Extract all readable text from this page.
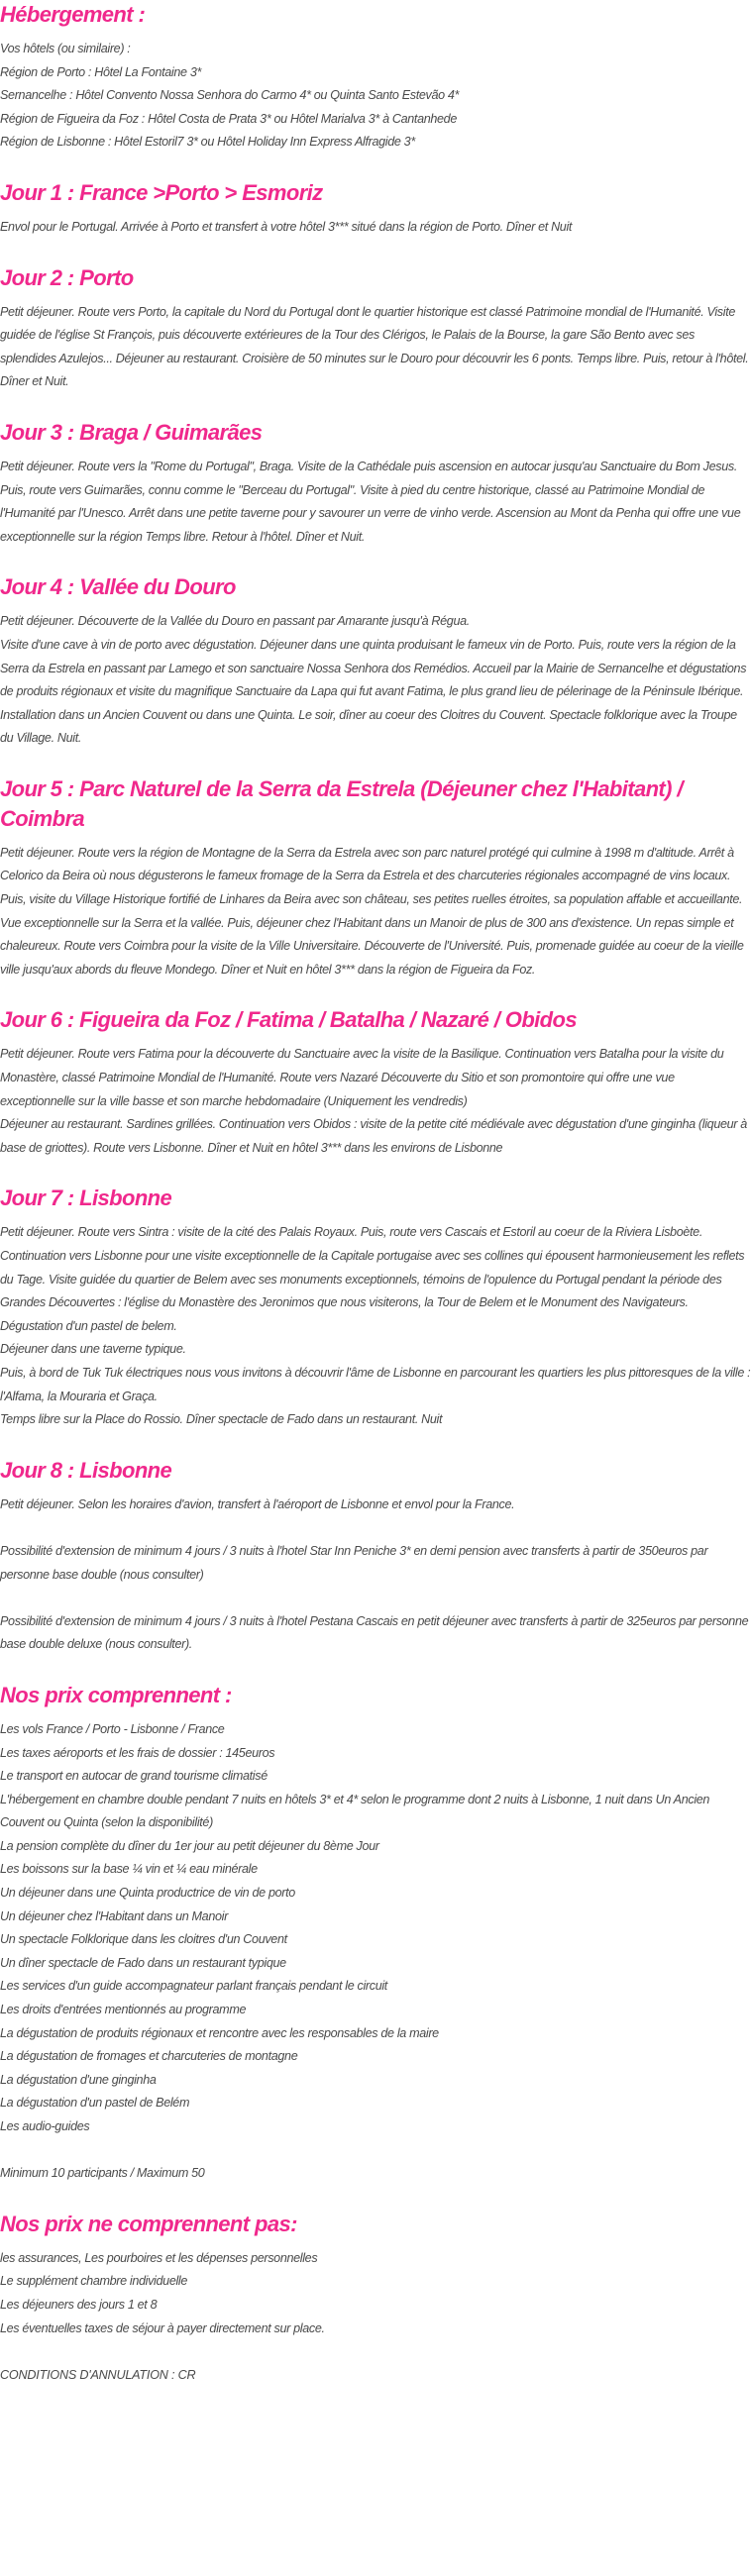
Hébergement :
Vos hôtels (ou similaire) :
Région de Porto : Hôtel La Fontaine 3*
Sernancelhe : Hôtel Convento Nossa Senhora do Carmo 4* ou Quinta Santo Estevão 4*
Région de Figueira da Foz : Hôtel Costa de Prata 3* ou Hôtel Marialva 3* à Cantanhede
Région de Lisbonne : Hôtel Estoril7 3* ou Hôtel Holiday Inn Express Alfragide 3*
Jour 1 : France >Porto > Esmoriz

Envol pour le Portugal. Arrivée à Porto et transfert à votre hôtel 3*** situé dans la région de Porto. Dîner et Nuit

Jour 2 : Porto

Petit déjeuner. Route vers Porto, la capitale du Nord du Portugal dont le quartier historique est classé Patrimoine mondial de l'Humanité. Visite guidée de l'église St François, puis découverte extérieures de la Tour des Clérigos, le Palais de la Bourse, la gare São Bento avec ses splendides Azulejos... Déjeuner au restaurant. Croisière de 50 minutes sur le Douro pour découvrir les 6 ponts. Temps libre. Puis, retour à l'hôtel. Dîner et Nuit.

Jour 3 : Braga / Guimarães

Petit déjeuner. Route vers la "Rome du Portugal", Braga. Visite de la Cathédale puis ascension en autocar jusqu'au Sanctuaire du Bom Jesus. Puis, route vers Guimarães, connu comme le "Berceau du Portugal". Visite à pied du centre historique, classé au Patrimoine Mondial de l'Humanité par l'Unesco. Arrêt dans une petite taverne pour y savourer un verre de vinho verde. Ascension au Mont da Penha qui offre une vue exceptionnelle sur la région Temps libre. Retour à l'hôtel. Dîner et Nuit.

Jour 4 : Vallée du Douro

Petit déjeuner. Découverte de la Vallée du Douro en passant par Amarante jusqu'à Régua.

Visite d'une cave à vin de porto avec dégustation. Déjeuner dans une quinta produisant le fameux vin de Porto. Puis, route vers la région de la Serra da Estrela en passant par Lamego et son sanctuaire Nossa Senhora dos Remédios. Accueil par la Mairie de Sernancelhe et dégustations de produits régionaux et visite du magnifique Sanctuaire da Lapa qui fut avant Fatima, le plus grand lieu de pélerinage de la Péninsule Ibérique. Installation dans un Ancien Couvent ou dans une Quinta. Le soir, dîner au coeur des Cloitres du Couvent. Spectacle folklorique avec la Troupe du Village. Nuit.

Jour 5 : Parc Naturel de la Serra da Estrela (Déjeuner chez l'Habitant) / Coimbra

Petit déjeuner. Route vers la région de Montagne de la Serra da Estrela avec son parc naturel protégé qui culmine à 1998 m d'altitude. Arrêt à Celorico da Beira où nous dégusterons le fameux fromage de la Serra da Estrela et des charcuteries régionales accompagné de vins locaux. Puis, visite du Village Historique fortifié de Linhares da Beira avec son château, ses petites ruelles étroites, sa population affable et accueillante. Vue exceptionnelle sur la Serra et la vallée. Puis, déjeuner chez l'Habitant dans un Manoir de plus de 300 ans d'existence. Un repas simple et chaleureux. Route vers Coimbra pour la visite de la Ville Universitaire. Découverte de l'Université. Puis, promenade guidée au coeur de la vieille ville jusqu'aux abords du fleuve Mondego. Dîner et Nuit en hôtel 3*** dans la région de Figueira da Foz.

Jour 6 : Figueira da Foz / Fatima / Batalha / Nazaré / Obidos

Petit déjeuner. Route vers Fatima pour la découverte du Sanctuaire avec la visite de la Basilique. Continuation vers Batalha pour la visite du Monastère, classé Patrimoine Mondial de l'Humanité. Route vers Nazaré Découverte du Sitio et son promontoire qui offre une vue exceptionnelle sur la ville basse et son marche hebdomadaire (Uniquement les vendredis)

Déjeuner au restaurant. Sardines grillées. Continuation vers Obidos : visite de la petite cité médiévale avec dégustation d'une ginginha (liqueur à base de griottes). Route vers Lisbonne. Dîner et Nuit en hôtel 3*** dans les environs de Lisbonne

Jour 7 : Lisbonne

Petit déjeuner. Route vers Sintra : visite de la cité des Palais Royaux. Puis, route vers Cascais et Estoril au coeur de la Riviera Lisboète. Continuation vers Lisbonne pour une visite exceptionnelle de la Capitale portugaise avec ses collines qui épousent harmonieusement les reflets du Tage. Visite guidée du quartier de Belem avec ses monuments exceptionnels, témoins de l'opulence du Portugal pendant la période des Grandes Découvertes : l'église du Monastère des Jeronimos que nous visiterons, la Tour de Belem et le Monument des Navigateurs. Dégustation d'un pastel de belem.

Déjeuner dans une taverne typique.

Puis, à bord de Tuk Tuk électriques nous vous invitons à découvrir l'âme de Lisbonne en parcourant les quartiers les plus pittoresques de la ville : l'Alfama, la Mouraria et Graça.

Temps libre sur la Place do Rossio. Dîner spectacle de Fado dans un restaurant. Nuit

Jour 8 : Lisbonne

Petit déjeuner. Selon les horaires d'avion, transfert à l'aéroport de Lisbonne et envol pour la France.

Possibilité d'extension de minimum 4 jours / 3 nuits à l'hotel Star Inn Peniche 3* en demi pension avec transferts à partir de 350euros par personne base double (nous consulter)

Possibilité d'extension de minimum 4 jours / 3 nuits à l'hotel Pestana Cascais en petit déjeuner avec transferts à partir de 325euros par personne base double deluxe (nous consulter).

Nos prix comprennent :
Les vols France / Porto - Lisbonne / France
Les taxes aéroports et les frais de dossier : 145euros
Le transport en autocar de grand tourisme climatisé
L'hébergement en chambre double pendant 7 nuits en hôtels 3* et 4* selon le programme dont 2 nuits à Lisbonne, 1 nuit dans Un Ancien Couvent ou Quinta (selon la disponibilité)
La pension complète du dîner du 1er jour au petit déjeuner du 8ème Jour
Les boissons sur la base ¼ vin et ¼ eau minérale
Un déjeuner dans une Quinta productrice de vin de porto
Un déjeuner chez l'Habitant dans un Manoir
Un spectacle Folklorique dans les cloitres d'un Couvent
Un dîner spectacle de Fado dans un restaurant typique
Les services d'un guide accompagnateur parlant français pendant le circuit
Les droits d'entrées mentionnés au programme
La dégustation de produits régionaux et rencontre avec les responsables de la maire
La dégustation de fromages et charcuteries de montagne
La dégustation d'une ginginha
La dégustation d'un pastel de Belém
Les audio-guides
Minimum 10 participants / Maximum 50
Nos prix ne comprennent pas:
les assurances, Les pourboires et les dépenses personnelles
Le supplément chambre individuelle
Les déjeuners des jours 1 et 8
Les éventuelles taxes de séjour à payer directement sur place.
CONDITIONS D'ANNULATION : CR
